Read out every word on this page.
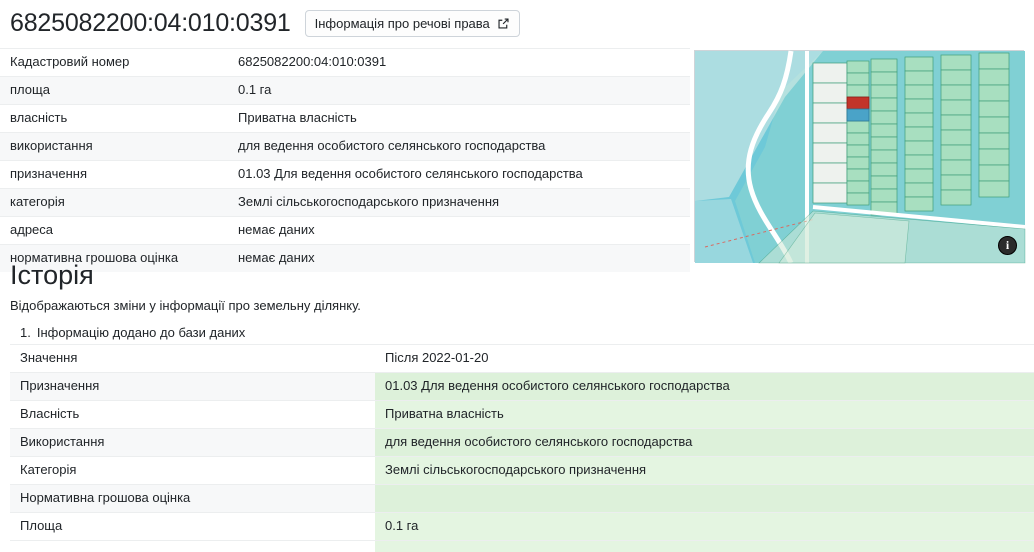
6825082200:04:010:0391 Інформація про речові права
Кадастровий номер	6825082200:04:010:0391
площа	0.1 га
власність	Приватна власність
використання	для ведення особистого селянського господарства
призначення	01.03 Для ведення особистого селянського господарства
категорія	Землі сільськогосподарського призначення
адреса	немає даних
нормативна грошова оцінка	немає даних
i
Історія
Відображаються зміни у інформації про земельну ділянку.
1. Інформацію додано до бази даних
Значення	Після 2022-01-20
Призначення	01.03 Для ведення особистого селянського господарства
Власність	Приватна власність
Використання	для ведення особистого селянського господарства
Категорія	Землі сільськогосподарського призначення
Нормативна грошова оцінка	
Площа	0.1 га
